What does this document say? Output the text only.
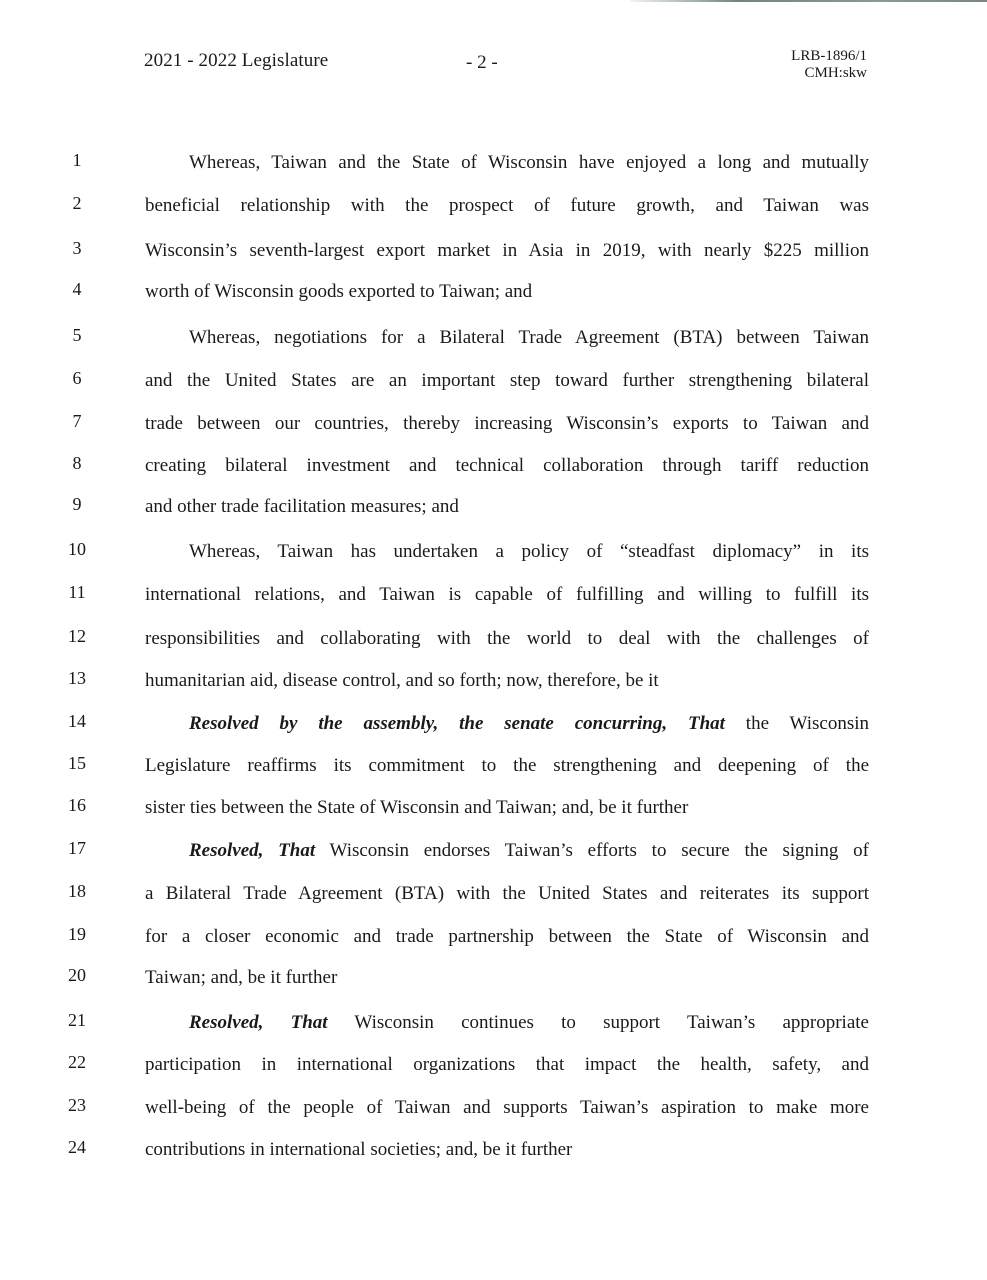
2021 - 2022 Legislature	- 2 -	LRB-1896/1
CMH:skw
1	Whereas, Taiwan and the State of Wisconsin have enjoyed a long and mutually
2	beneficial relationship with the prospect of future growth, and Taiwan was
3	Wisconsin’s seventh-largest export market in Asia in 2019, with nearly $225 million
4	worth of Wisconsin goods exported to Taiwan; and
5	Whereas, negotiations for a Bilateral Trade Agreement (BTA) between Taiwan
6	and the United States are an important step toward further strengthening bilateral
7	trade between our countries, thereby increasing Wisconsin’s exports to Taiwan and
8	creating bilateral investment and technical collaboration through tariff reduction
9	and other trade facilitation measures; and
10	Whereas, Taiwan has undertaken a policy of “steadfast diplomacy” in its
11	international relations, and Taiwan is capable of fulfilling and willing to fulfill its
12	responsibilities and collaborating with the world to deal with the challenges of
13	humanitarian aid, disease control, and so forth; now, therefore, be it
14	Resolved by the assembly, the senate concurring, That the Wisconsin
15	Legislature reaffirms its commitment to the strengthening and deepening of the
16	sister ties between the State of Wisconsin and Taiwan; and, be it further
17	Resolved, That Wisconsin endorses Taiwan’s efforts to secure the signing of
18	a Bilateral Trade Agreement (BTA) with the United States and reiterates its support
19	for a closer economic and trade partnership between the State of Wisconsin and
20	Taiwan; and, be it further
21	Resolved, That Wisconsin continues to support Taiwan’s appropriate
22	participation in international organizations that impact the health, safety, and
23	well-being of the people of Taiwan and supports Taiwan’s aspiration to make more
24	contributions in international societies; and, be it further
